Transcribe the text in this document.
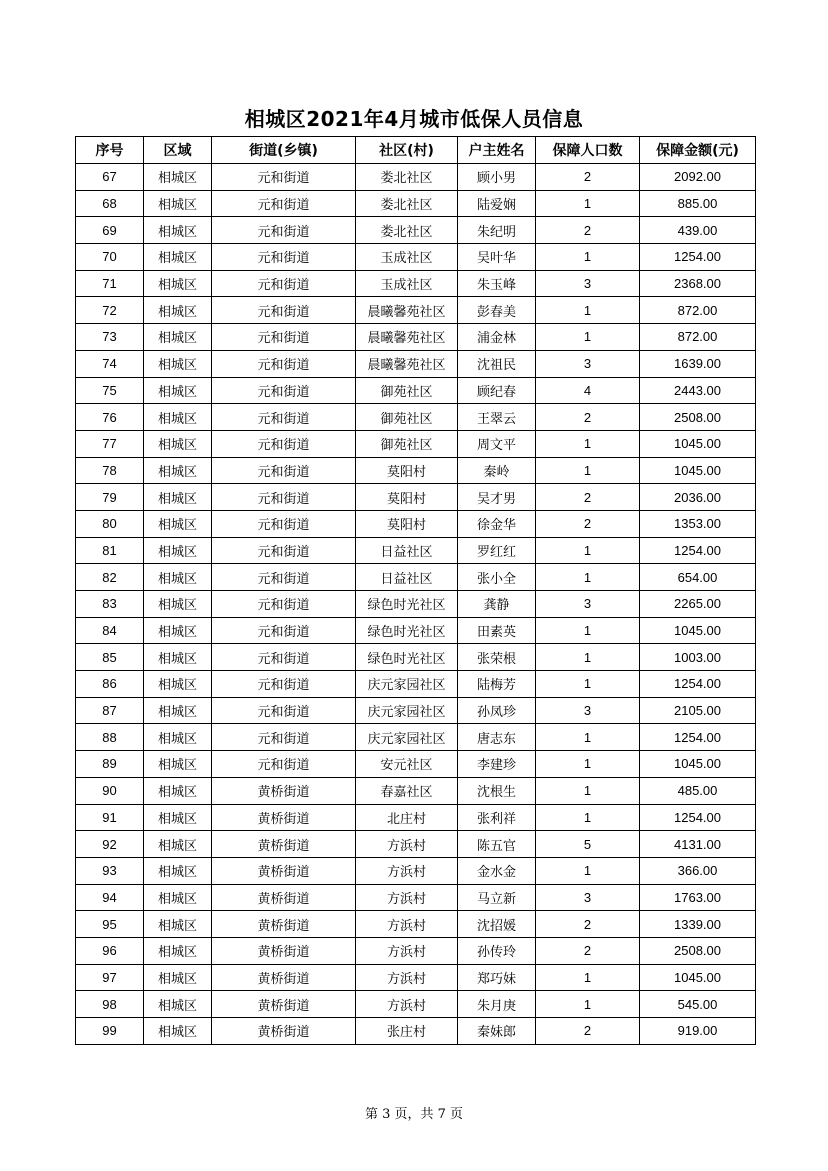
相城区2021年4月城市低保人员信息
序号	区域	街道(乡镇)	社区(村)	户主姓名	保障人口数	保障金额(元)
67	相城区	元和街道	娄北社区	顾小男	2	2092.00
68	相城区	元和街道	娄北社区	陆爱娴	1	885.00
69	相城区	元和街道	娄北社区	朱纪明	2	439.00
70	相城区	元和街道	玉成社区	吴叶华	1	1254.00
71	相城区	元和街道	玉成社区	朱玉峰	3	2368.00
72	相城区	元和街道	晨曦馨苑社区	彭春美	1	872.00
73	相城区	元和街道	晨曦馨苑社区	浦金林	1	872.00
74	相城区	元和街道	晨曦馨苑社区	沈祖民	3	1639.00
75	相城区	元和街道	御苑社区	顾纪春	4	2443.00
76	相城区	元和街道	御苑社区	王翠云	2	2508.00
77	相城区	元和街道	御苑社区	周文平	1	1045.00
78	相城区	元和街道	莫阳村	秦岭	1	1045.00
79	相城区	元和街道	莫阳村	吴才男	2	2036.00
80	相城区	元和街道	莫阳村	徐金华	2	1353.00
81	相城区	元和街道	日益社区	罗红红	1	1254.00
82	相城区	元和街道	日益社区	张小全	1	654.00
83	相城区	元和街道	绿色时光社区	龚静	3	2265.00
84	相城区	元和街道	绿色时光社区	田素英	1	1045.00
85	相城区	元和街道	绿色时光社区	张荣根	1	1003.00
86	相城区	元和街道	庆元家园社区	陆梅芳	1	1254.00
87	相城区	元和街道	庆元家园社区	孙凤珍	3	2105.00
88	相城区	元和街道	庆元家园社区	唐志东	1	1254.00
89	相城区	元和街道	安元社区	李建珍	1	1045.00
90	相城区	黄桥街道	春嘉社区	沈根生	1	485.00
91	相城区	黄桥街道	北庄村	张利祥	1	1254.00
92	相城区	黄桥街道	方浜村	陈五官	5	4131.00
93	相城区	黄桥街道	方浜村	金水金	1	366.00
94	相城区	黄桥街道	方浜村	马立新	3	1763.00
95	相城区	黄桥街道	方浜村	沈招媛	2	1339.00
96	相城区	黄桥街道	方浜村	孙传玲	2	2508.00
97	相城区	黄桥街道	方浜村	郑巧妹	1	1045.00
98	相城区	黄桥街道	方浜村	朱月庚	1	545.00
99	相城区	黄桥街道	张庄村	秦妹郎	2	919.00
第 3 页，共 7 页
